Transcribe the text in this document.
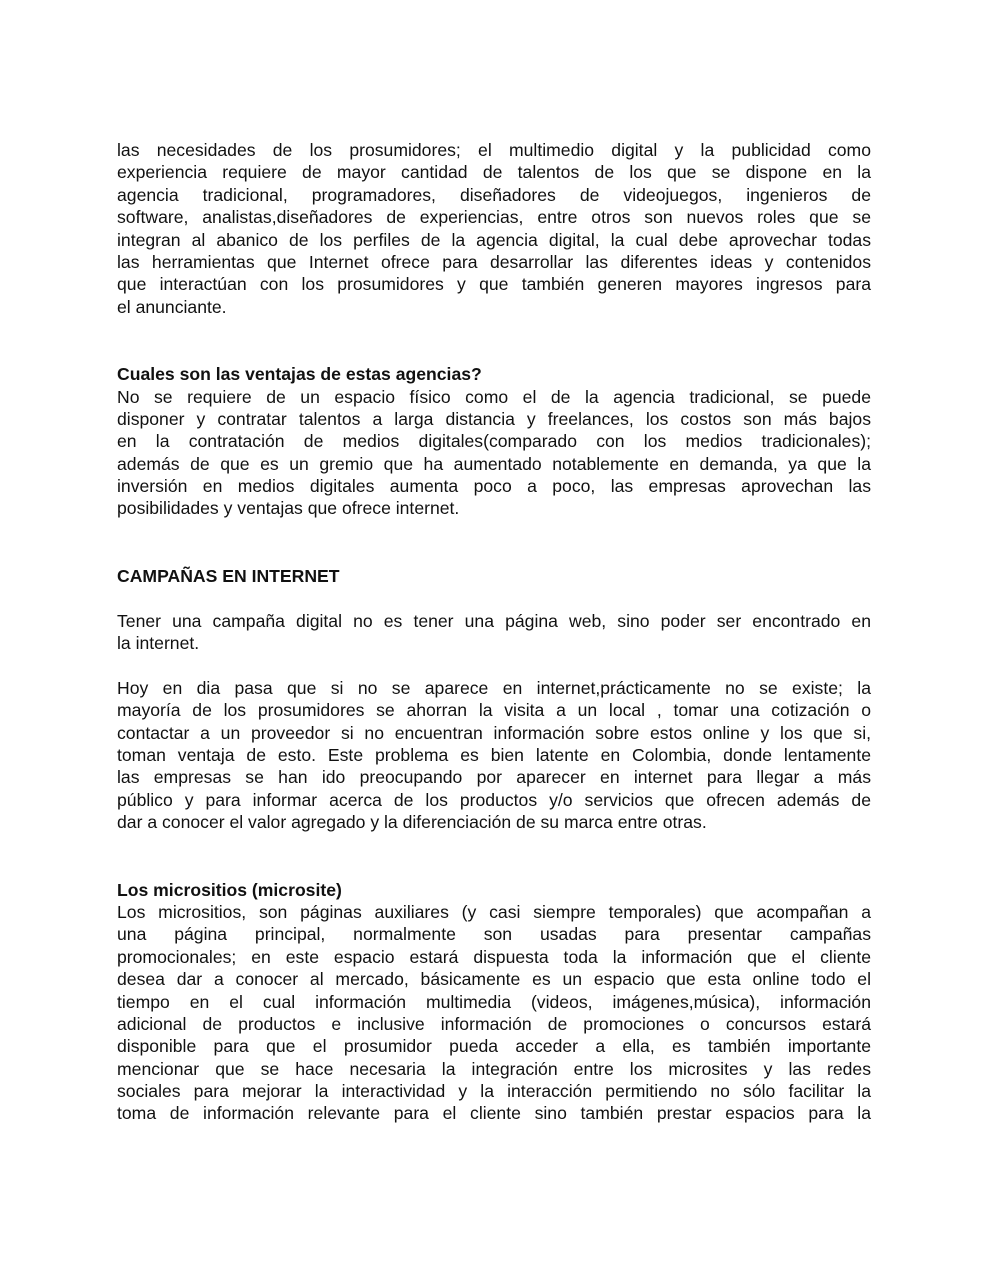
las necesidades de los prosumidores; el multimedio digital y la publicidad como
experiencia requiere de mayor cantidad de talentos de los que se dispone en la
agencia tradicional, programadores, diseñadores de videojuegos, ingenieros de
software, analistas,diseñadores de experiencias, entre otros son nuevos roles que se
integran al abanico de los perfiles de la agencia digital, la cual debe aprovechar todas
las herramientas que Internet ofrece para desarrollar las diferentes ideas y contenidos
que interactúan con los prosumidores y que también generen mayores ingresos para
el anunciante.
Cuales son las ventajas de estas agencias?
No se requiere de un espacio físico como el de la agencia tradicional, se puede
disponer y contratar talentos a larga distancia y freelances, los costos son más bajos
en la contratación de medios digitales(comparado con los medios tradicionales);
además de que es un gremio que ha aumentado notablemente en demanda, ya que la
inversión en medios digitales aumenta poco a poco, las empresas aprovechan las
posibilidades y ventajas que ofrece internet.
CAMPAÑAS EN INTERNET
Tener una campaña digital no es tener una página web, sino poder ser encontrado en
la internet.
Hoy en dia pasa que si no se aparece en internet,prácticamente no se existe; la
mayoría de los prosumidores se ahorran la visita a un local , tomar una cotización o
contactar a un proveedor si no encuentran información sobre estos online y los que si,
toman ventaja de esto. Este problema es bien latente en Colombia, donde lentamente
las empresas se han ido preocupando por aparecer en internet para llegar a más
público y para informar acerca de los productos y/o servicios que ofrecen además de
dar a conocer el valor agregado y la diferenciación de su marca entre otras.
Los micrositios (microsite)
Los micrositios, son páginas auxiliares (y casi siempre temporales) que acompañan a
una página principal, normalmente son usadas para presentar campañas
promocionales; en este espacio estará dispuesta toda la información que el cliente
desea dar a conocer al mercado, básicamente es un espacio que esta online todo el
tiempo en el cual información multimedia (videos, imágenes,música), información
adicional de productos e inclusive información de promociones o concursos estará
disponible para que el prosumidor pueda acceder a ella, es también importante
mencionar que se hace necesaria la integración entre los microsites y las redes
sociales para mejorar la interactividad y la interacción permitiendo no sólo facilitar la
toma de información relevante para el cliente sino también prestar espacios para la
